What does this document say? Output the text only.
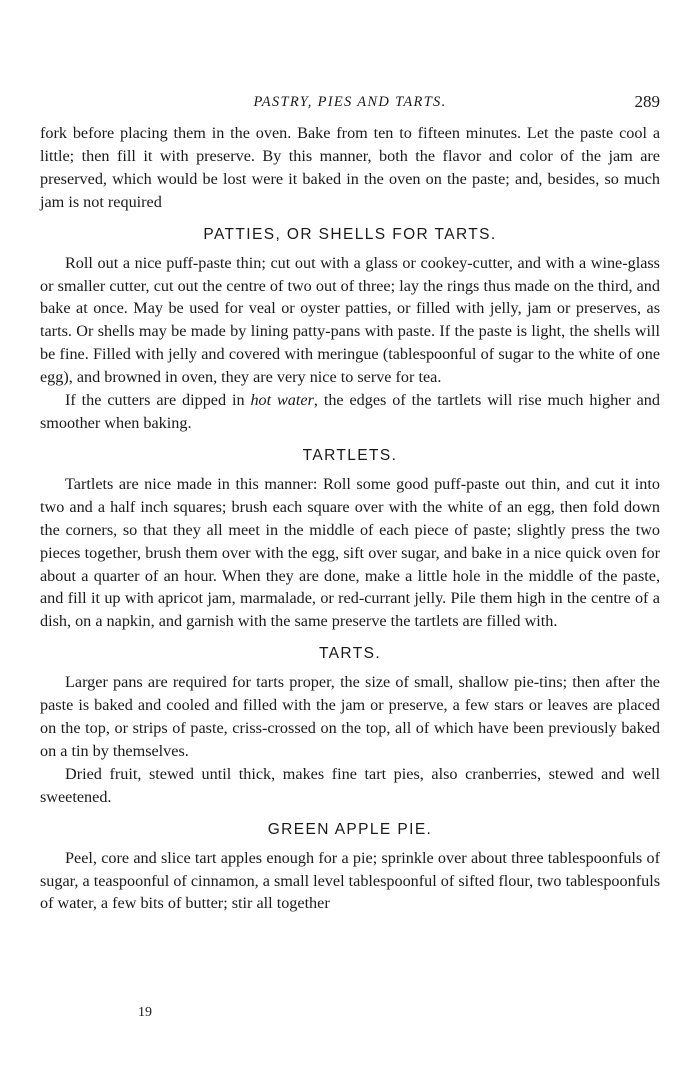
PASTRY, PIES AND TARTS.	289

fork before placing them in the oven. Bake from ten to fifteen minutes. Let the paste cool a little; then fill it with preserve. By this manner, both the flavor and color of the jam are preserved, which would be lost were it baked in the oven on the paste; and, besides, so much jam is not required

PATTIES, OR SHELLS FOR TARTS.

Roll out a nice puff-paste thin; cut out with a glass or cookey-cutter, and with a wine-glass or smaller cutter, cut out the centre of two out of three; lay the rings thus made on the third, and bake at once. May be used for veal or oyster patties, or filled with jelly, jam or preserves, as tarts. Or shells may be made by lining patty-pans with paste. If the paste is light, the shells will be fine. Filled with jelly and covered with meringue (tablespoonful of sugar to the white of one egg), and browned in oven, they are very nice to serve for tea.

If the cutters are dipped in hot water, the edges of the tartlets will rise much higher and smoother when baking.

TARTLETS.

Tartlets are nice made in this manner: Roll some good puff-paste out thin, and cut it into two and a half inch squares; brush each square over with the white of an egg, then fold down the corners, so that they all meet in the middle of each piece of paste; slightly press the two pieces together, brush them over with the egg, sift over sugar, and bake in a nice quick oven for about a quarter of an hour. When they are done, make a little hole in the middle of the paste, and fill it up with apricot jam, marmalade, or red-currant jelly. Pile them high in the centre of a dish, on a napkin, and garnish with the same preserve the tartlets are filled with.

TARTS.

Larger pans are required for tarts proper, the size of small, shallow pie-tins; then after the paste is baked and cooled and filled with the jam or preserve, a few stars or leaves are placed on the top, or strips of paste, criss-crossed on the top, all of which have been previously baked on a tin by themselves.

Dried fruit, stewed until thick, makes fine tart pies, also cranberries, stewed and well sweetened.

GREEN APPLE PIE.

Peel, core and slice tart apples enough for a pie; sprinkle over about three tablespoonfuls of sugar, a teaspoonful of cinnamon, a small level tablespoonful of sifted flour, two tablespoonfuls of water, a few bits of butter; stir all together

19
